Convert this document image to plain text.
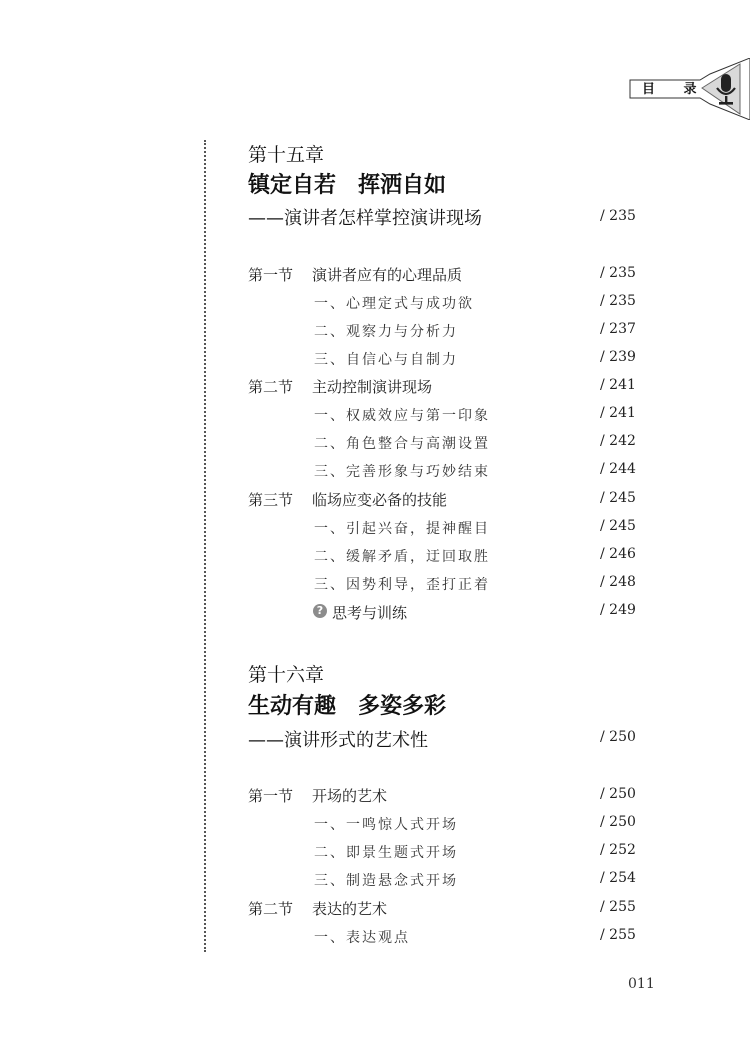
目 录
第十五章
镇定自若　挥洒自如
——演讲者怎样掌控演讲现场	/ 235
第一节 演讲者应有的心理品质	/ 235
一、心理定式与成功欲	/ 235
二、观察力与分析力	/ 237
三、自信心与自制力	/ 239
第二节 主动控制演讲现场	/ 241
一、权威效应与第一印象	/ 241
二、角色整合与高潮设置	/ 242
三、完善形象与巧妙结束	/ 244
第三节 临场应变必备的技能	/ 245
一、引起兴奋，提神醒目	/ 245
二、缓解矛盾，迂回取胜	/ 246
三、因势利导，歪打正着	/ 248
? 思考与训练	/ 249
第十六章
生动有趣　多姿多彩
——演讲形式的艺术性	/ 250
第一节 开场的艺术	/ 250
一、一鸣惊人式开场	/ 250
二、即景生题式开场	/ 252
三、制造悬念式开场	/ 254
第二节 表达的艺术	/ 255
一、表达观点	/ 255
011
